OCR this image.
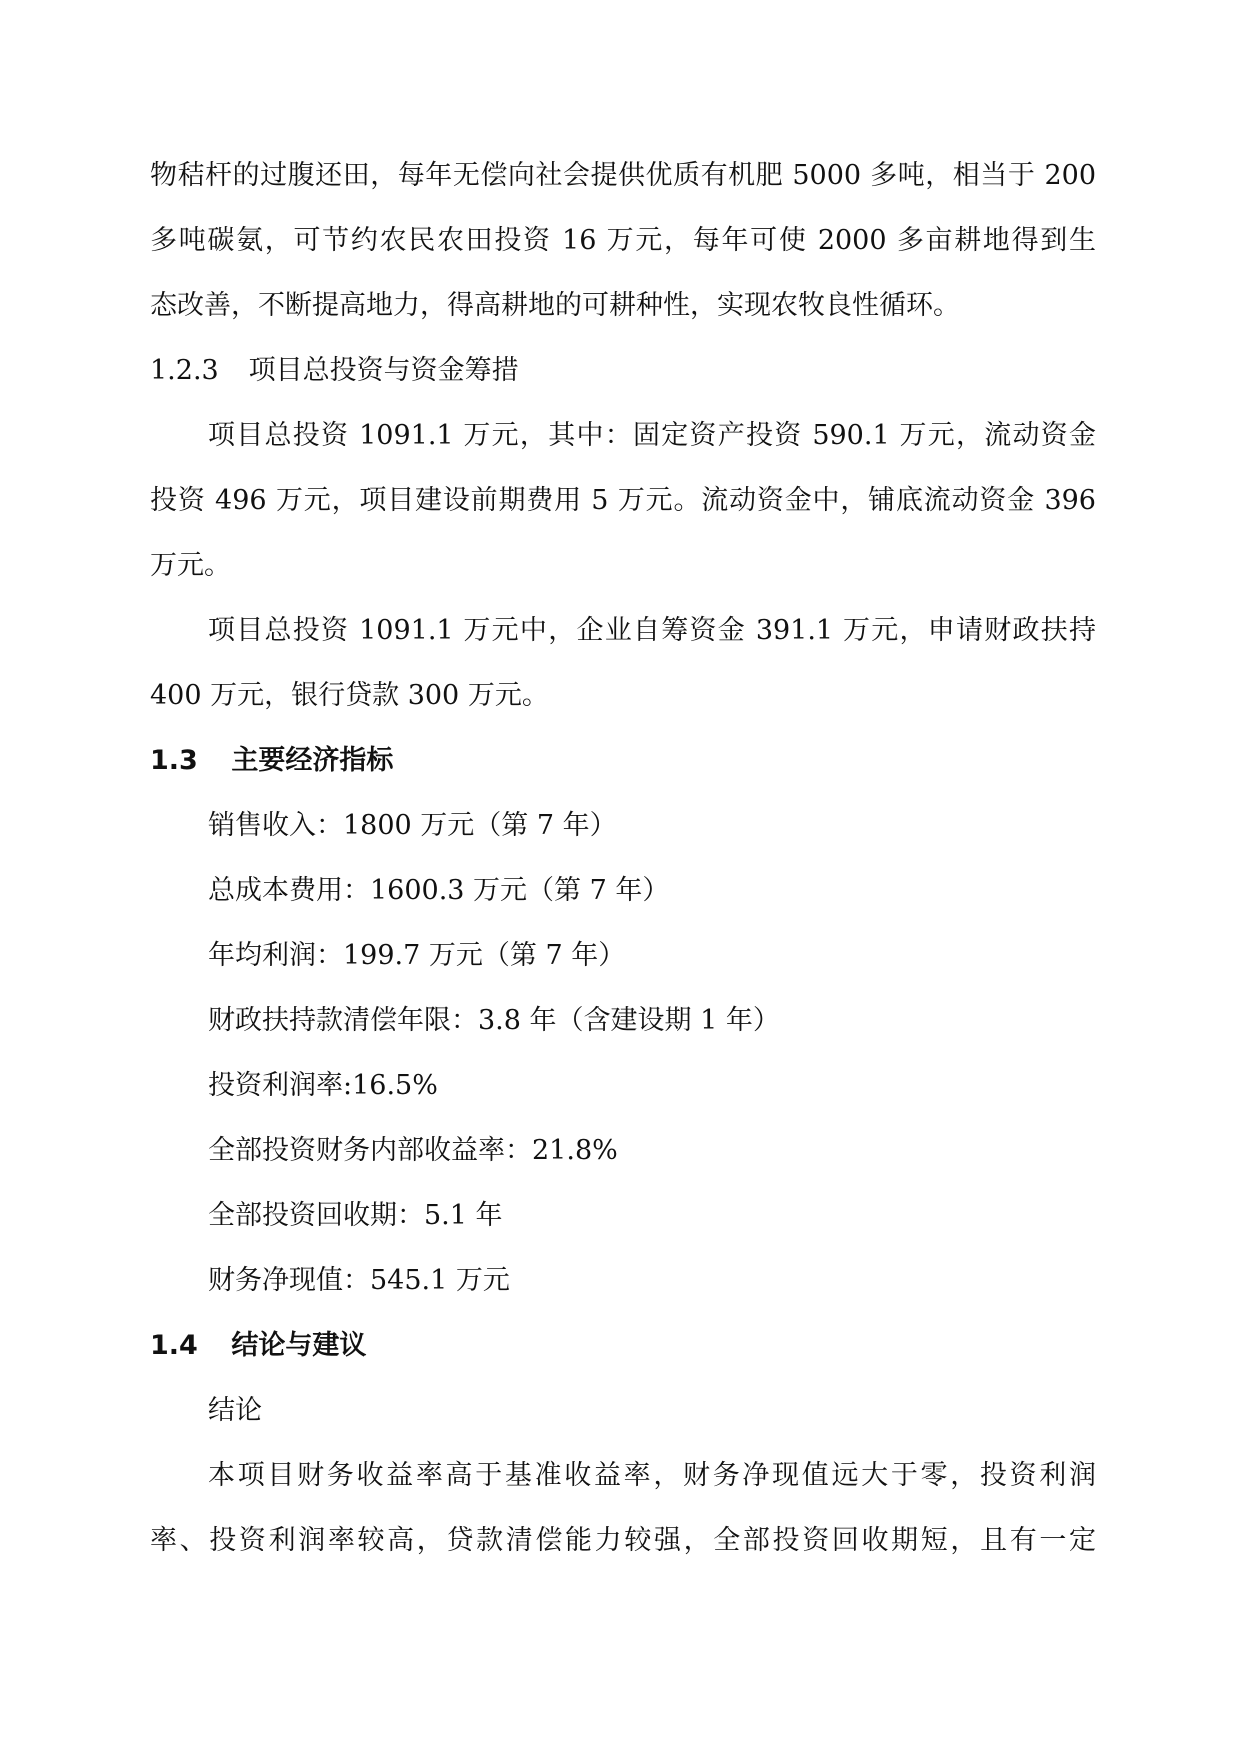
物秸杆的过腹还田，每年无偿向社会提供优质有机肥 5000 多吨，相当于 200
多吨碳氨，可节约农民农田投资 16 万元，每年可使 2000 多亩耕地得到生
态改善，不断提高地力，得高耕地的可耕种性，实现农牧良性循环。
1.2.3 项目总投资与资金筹措
项目总投资 1091.1 万元，其中：固定资产投资 590.1 万元，流动资金
投资 496 万元，项目建设前期费用 5 万元。流动资金中，铺底流动资金 396
万元。
项目总投资 1091.1 万元中，企业自筹资金 391.1 万元，申请财政扶持
400 万元，银行贷款 300 万元。
1.3 主要经济指标
销售收入：1800 万元（第 7 年）
总成本费用：1600.3 万元（第 7 年）
年均利润：199.7 万元（第 7 年）
财政扶持款清偿年限：3.8 年（含建设期 1 年）
投资利润率:16.5%
全部投资财务内部收益率：21.8%
全部投资回收期：5.1 年
财务净现值：545.1 万元
1.4 结论与建议
结论
本项目财务收益率高于基准收益率，财务净现值远大于零，投资利润
率、投资利润率较高，贷款清偿能力较强，全部投资回收期短，且有一定
